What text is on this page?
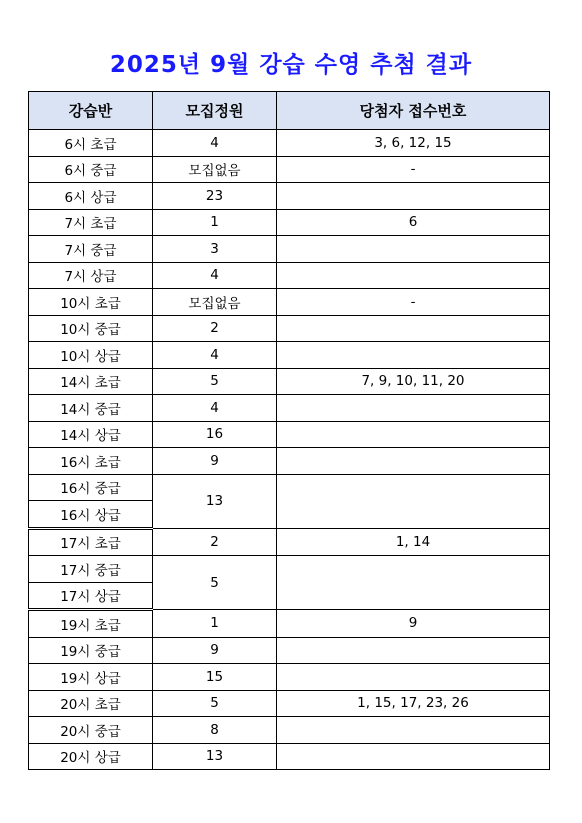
2025년 9월 강습 수영 추첨 결과
강습반	모집정원	당첨자 접수번호
6시 초급	4	3, 6, 12, 15
6시 중급	모집없음	-
6시 상급	23	
7시 초급	1	6
7시 중급	3	
7시 상급	4	
10시 초급	모집없음	-
10시 중급	2	
10시 상급	4	
14시 초급	5	7, 9, 10, 11, 20
14시 중급	4	
14시 상급	16	
16시 초급	9	
16시 중급	13	
16시 상급		
17시 초급	2	1, 14
17시 중급	5	
17시 상급		
19시 초급	1	9
19시 중급	9	
19시 상급	15	
20시 초급	5	1, 15, 17, 23, 26
20시 중급	8	
20시 상급	13	
